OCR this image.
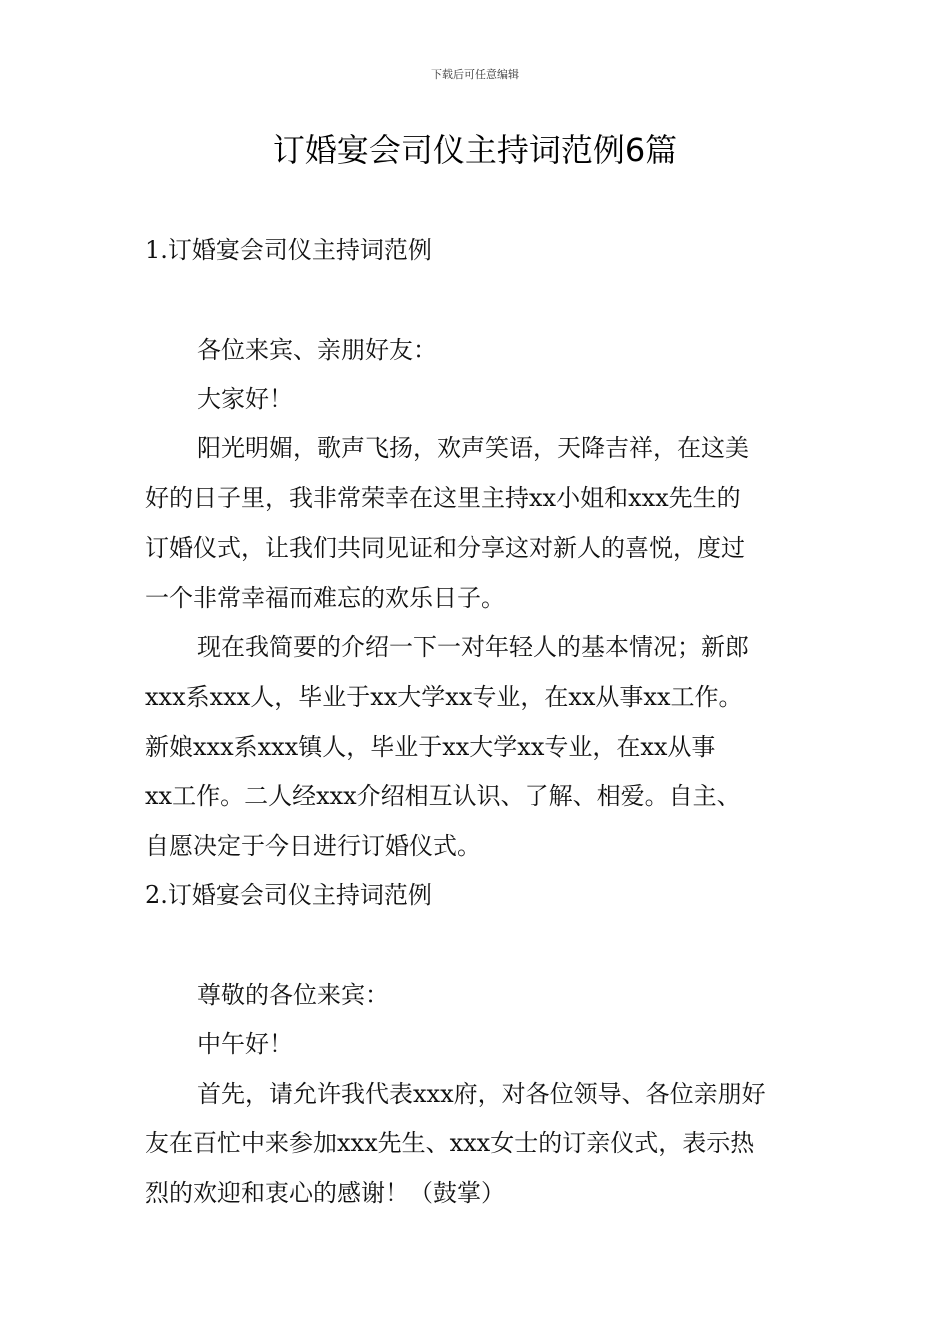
下载后可任意编辑
订婚宴会司仪主持词范例6篇
1.订婚宴会司仪主持词范例
各位来宾、亲朋好友：
大家好！
阳光明媚，歌声飞扬，欢声笑语，天降吉祥，在这美
好的日子里，我非常荣幸在这里主持xx小姐和xxx先生的
订婚仪式，让我们共同见证和分享这对新人的喜悦，度过
一个非常幸福而难忘的欢乐日子。
现在我简要的介绍一下一对年轻人的基本情况；新郎
xxx系xxx人，毕业于xx大学xx专业，在xx从事xx工作。
新娘xxx系xxx镇人，毕业于xx大学xx专业，在xx从事
xx工作。二人经xxx介绍相互认识、了解、相爱。自主、
自愿决定于今日进行订婚仪式。
2.订婚宴会司仪主持词范例
尊敬的各位来宾：
中午好！
首先，请允许我代表xxx府，对各位领导、各位亲朋好
友在百忙中来参加xxx先生、xxx女士的订亲仪式，表示热
烈的欢迎和衷心的感谢！（鼓掌）
